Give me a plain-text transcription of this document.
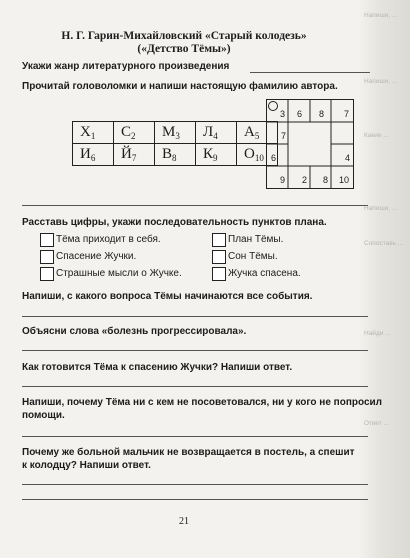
Напиши, ...
Напиши, ...
Какие ...
Напиши, ...
Сопоставь ...
Найди ...
Ответ ...
Н. Г. Гарин-Михайловский «Старый колодезь»
(«Детство Тёмы»)
Укажи жанр литературного произведения
Прочитай головоломки и напиши настоящую фамилию автора.
$Х_1$	$С_2$	$М_3$	$Л_4$	$А_5$
$И_6$	$Й_7$	$В_8$	$К_9$	$О_{10}$
3 6 8 7
7
6	4
9 2 8 10
Расставь цифры, укажи последовательность пунктов плана.
Тёма приходит в себя.	План Тёмы.
Спасение Жучки.	Сон Тёмы.
Страшные мысли о Жучке.	Жучка спасена.
Напиши, с какого вопроса Тёмы начинаются все события.
Объясни слова «болезнь прогрессировала».
Как готовится Тёма к спасению Жучки? Напиши ответ.
Напиши, почему Тёма ни с кем не посоветовался, ни у кого не попросил
помощи.
Почему же больной мальчик не возвращается в постель, а спешит
к колодцу? Напиши ответ.
21
